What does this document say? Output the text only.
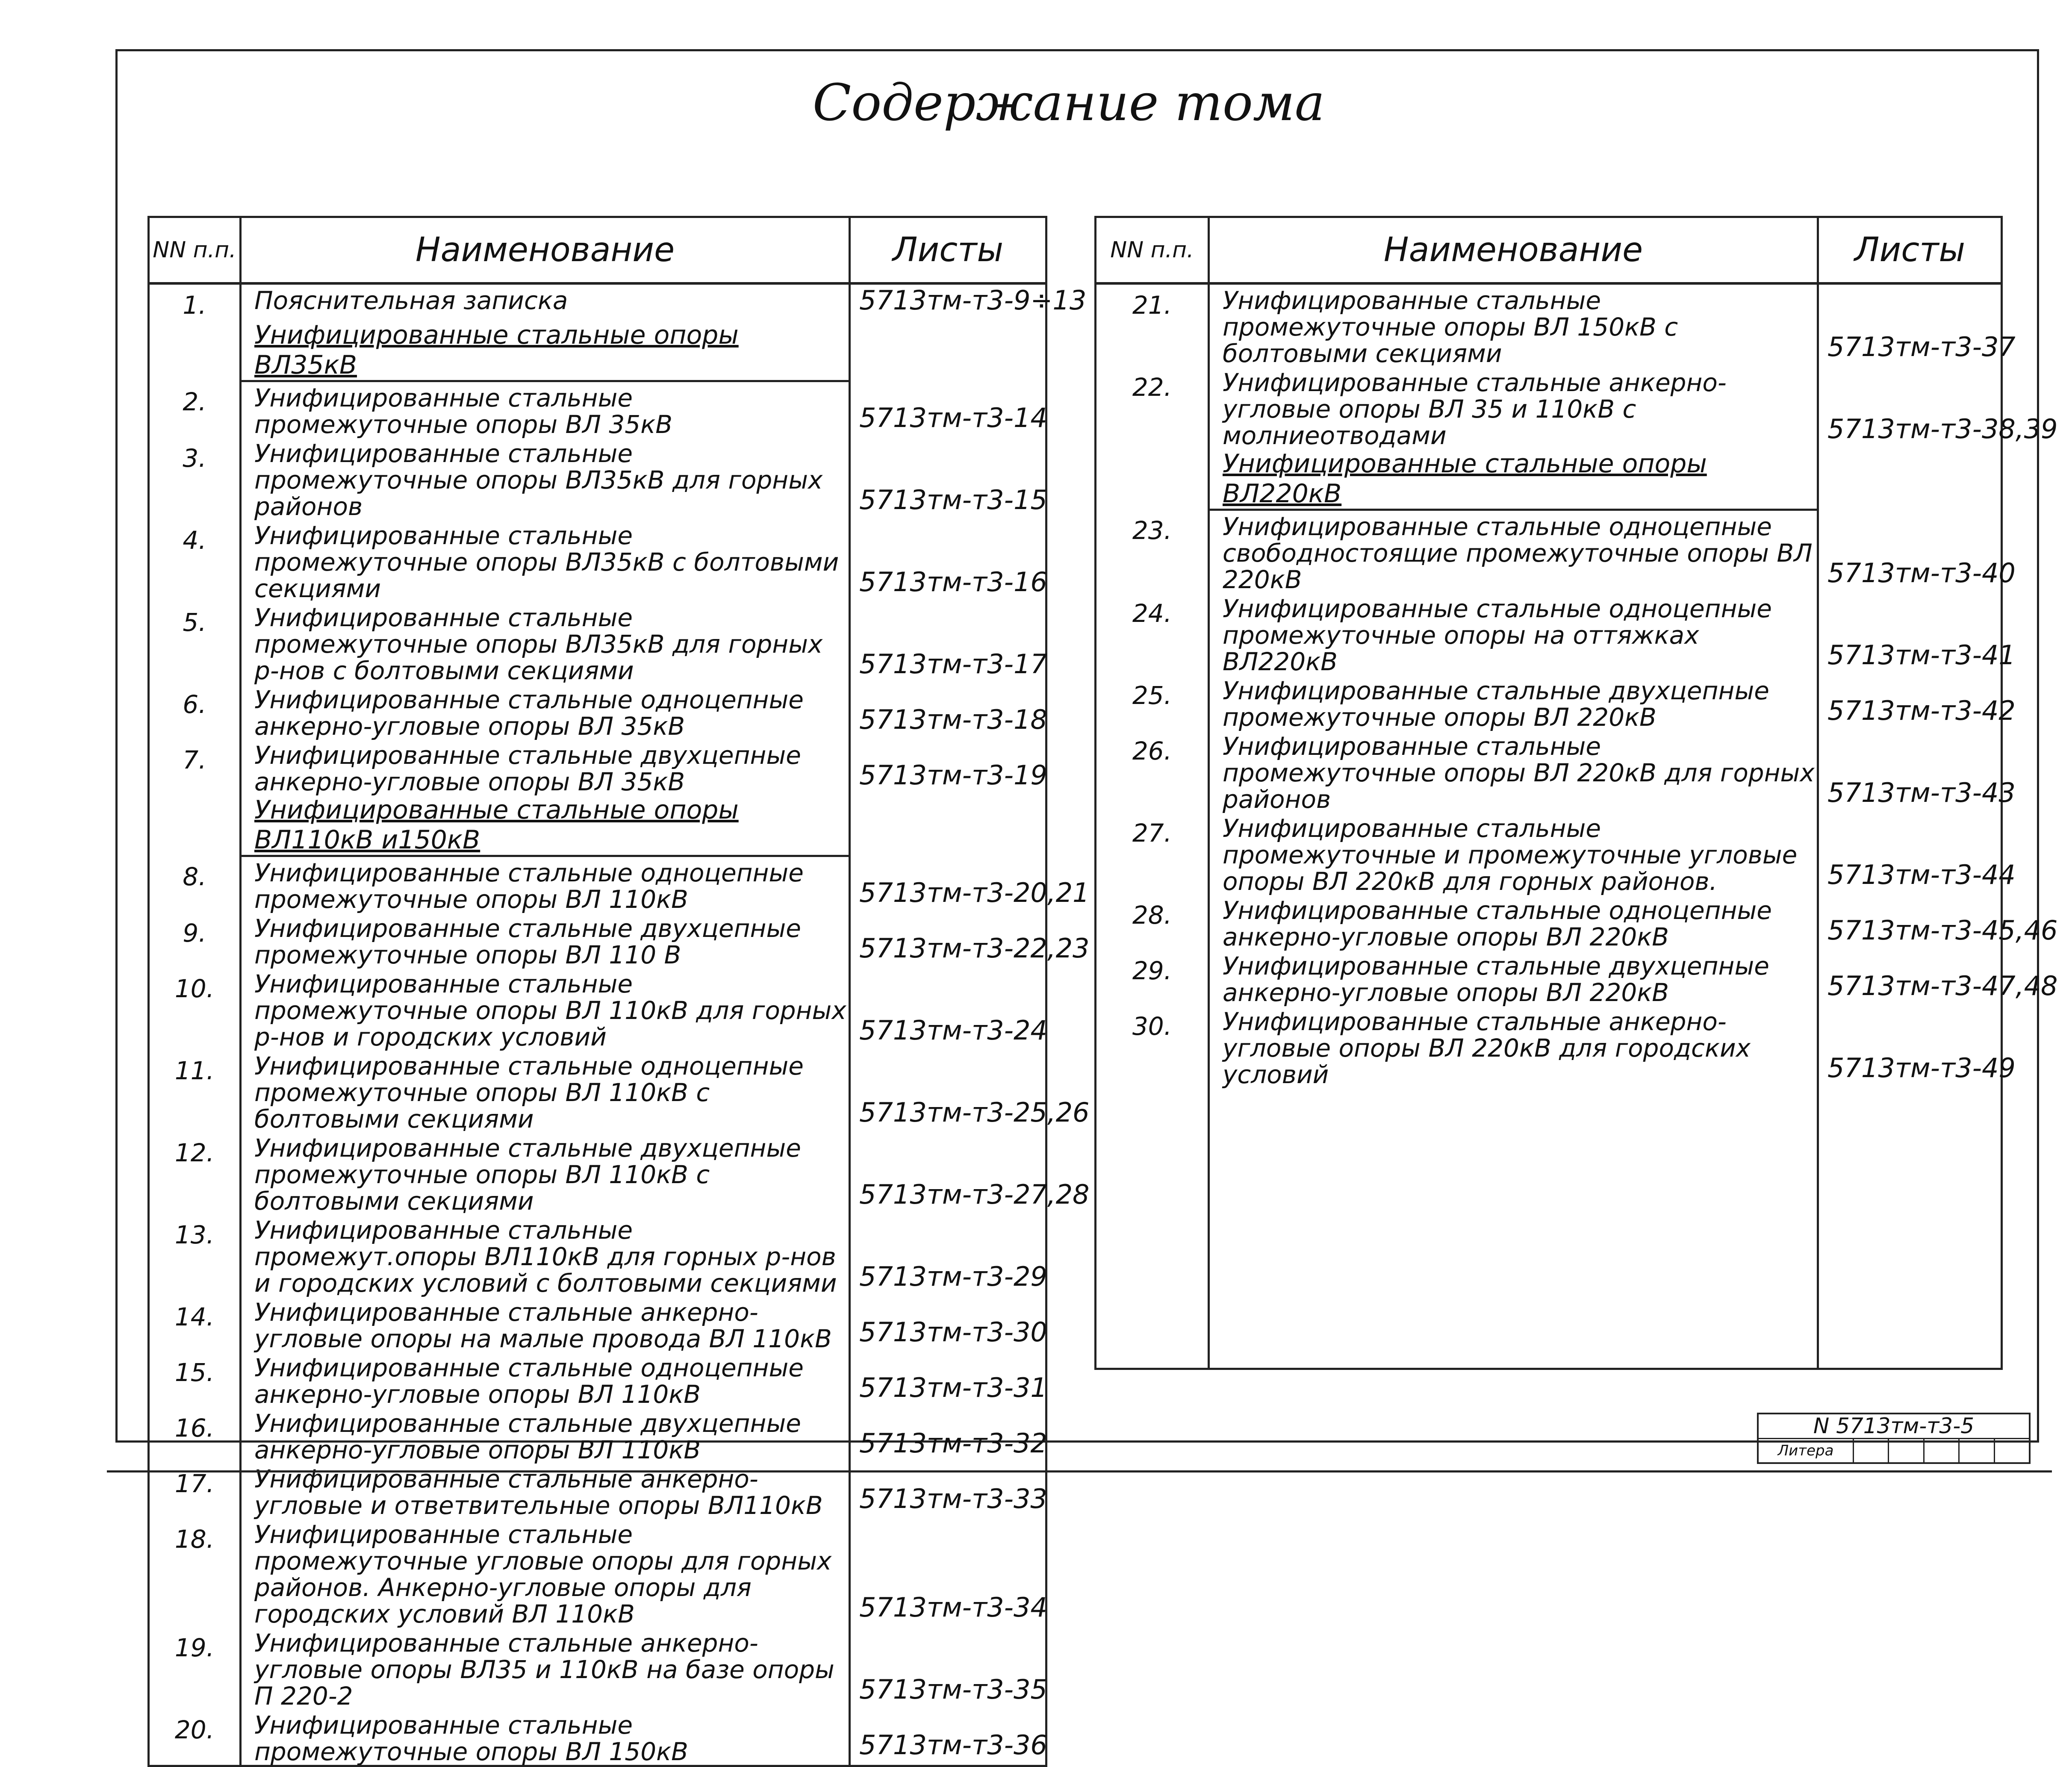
Содержание тома
NN п.п.	Наименование	Листы
1.	Пояснительная записка	5713тм-т3-9÷13
	Унифицированные стальные опоры ВЛ35кВ	
2.	Унифицированные стальные промежуточные опоры ВЛ 35кВ	5713тм-т3-14
3.	Унифицированные стальные промежуточные опоры ВЛ35кВ для горных районов	5713тм-т3-15
4.	Унифицированные стальные промежуточные опоры ВЛ35кВ с болтовыми секциями	5713тм-т3-16
5.	Унифицированные стальные промежуточные опоры ВЛ35кВ для горных р-нов с болтовыми секциями	5713тм-т3-17
6.	Унифицированные стальные одноцепные анкерно-угловые опоры ВЛ 35кВ	5713тм-т3-18
7.	Унифицированные стальные двухцепные анкерно-угловые опоры ВЛ 35кВ	5713тм-т3-19
	Унифицированные стальные опоры ВЛ110кВ и150кВ	
8.	Унифицированные стальные одноцепные промежуточные опоры ВЛ 110кВ	5713тм-т3-20,21
9.	Унифицированные стальные двухцепные промежуточные опоры ВЛ 110 В	5713тм-т3-22,23
10.	Унифицированные стальные промежуточные опоры ВЛ 110кВ для горных р-нов и городских условий	5713тм-т3-24
11.	Унифицированные стальные одноцепные промежуточные опоры ВЛ 110кВ с болтовыми секциями	5713тм-т3-25,26
12.	Унифицированные стальные двухцепные промежуточные опоры ВЛ 110кВ с болтовыми секциями	5713тм-т3-27,28
13.	Унифицированные стальные промежут.опоры ВЛ110кВ для горных р-нов и городских условий с болтовыми секциями	5713тм-т3-29
14.	Унифицированные стальные анкерно-угловые опоры на малые провода ВЛ 110кВ	5713тм-т3-30
15.	Унифицированные стальные одноцепные анкерно-угловые опоры ВЛ 110кВ	5713тм-т3-31
16.	Унифицированные стальные двухцепные анкерно-угловые опоры ВЛ 110кВ	5713тм-т3-32
17.	Унифицированные стальные анкерно-угловые и ответвительные опоры ВЛ110кВ	5713тм-т3-33
18.	Унифицированные стальные промежуточные угловые опоры для горных районов. Анкерно-угловые опоры для городских условий ВЛ 110кВ	5713тм-т3-34
19.	Унифицированные стальные анкерно-угловые опоры ВЛ35 и 110кВ на базе опоры П 220-2	5713тм-т3-35
20.	Унифицированные стальные промежуточные опоры ВЛ 150кВ	5713тм-т3-36

NN п.п.	Наименование	Листы
21.	Унифицированные стальные промежуточные опоры ВЛ 150кВ с болтовыми секциями	5713тм-т3-37
22.	Унифицированные стальные анкерно-угловые опоры ВЛ 35 и 110кВ с молниеотводами	5713тм-т3-38,39
	Унифицированные стальные опоры ВЛ220кВ	
23.	Унифицированные стальные одноцепные свободностоящие промежуточные опоры ВЛ 220кВ	5713тм-т3-40
24.	Унифицированные стальные одноцепные промежуточные опоры на оттяжках ВЛ220кВ	5713тм-т3-41
25.	Унифицированные стальные двухцепные промежуточные опоры ВЛ 220кВ	5713тм-т3-42
26.	Унифицированные стальные промежуточные опоры ВЛ 220кВ для горных районов	5713тм-т3-43
27.	Унифицированные стальные промежуточные и промежуточные угловые опоры ВЛ 220кВ для горных районов.	5713тм-т3-44
28.	Унифицированные стальные одноцепные анкерно-угловые опоры ВЛ 220кВ	5713тм-т3-45,46
29.	Унифицированные стальные двухцепные анкерно-угловые опоры ВЛ 220кВ	5713тм-т3-47,48
30.	Унифицированные стальные анкерно-угловые опоры ВЛ 220кВ для городских условий	5713тм-т3-49

N 5713тм-т3-5
Литера
